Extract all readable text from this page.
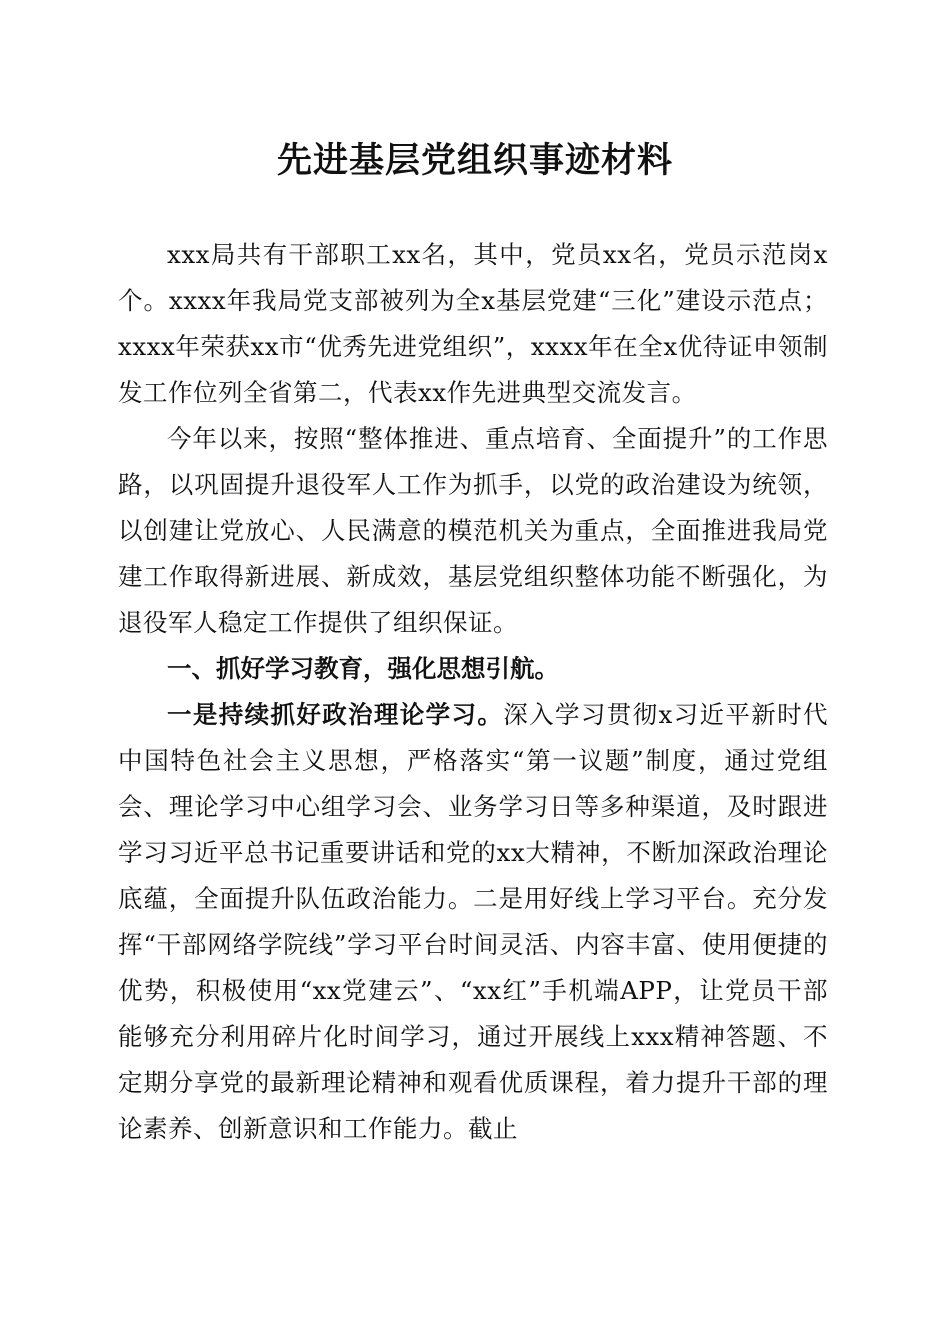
先进基层党组织事迹材料

xxx局共有干部职工xx名，其中，党员xx名，党员示范岗x个。xxxx年我局党支部被列为全x基层党建“三化”建设示范点；xxxx年荣获xx市“优秀先进党组织”，xxxx年在全x优待证申领制发工作位列全省第二，代表xx作先进典型交流发言。

今年以来，按照“整体推进、重点培育、全面提升”的工作思路，以巩固提升退役军人工作为抓手，以党的政治建设为统领，以创建让党放心、人民满意的模范机关为重点，全面推进我局党建工作取得新进展、新成效，基层党组织整体功能不断强化，为退役军人稳定工作提供了组织保证。

一、抓好学习教育，强化思想引航。

一是持续抓好政治理论学习。深入学习贯彻x习近平新时代中国特色社会主义思想，严格落实“第一议题”制度，通过党组会、理论学习中心组学习会、业务学习日等多种渠道，及时跟进学习习近平总书记重要讲话和党的xx大精神，不断加深政治理论底蕴，全面提升队伍政治能力。二是用好线上学习平台。充分发挥“干部网络学院线”学习平台时间灵活、内容丰富、使用便捷的优势，积极使用“xx党建云”、“xx红”手机端APP，让党员干部能够充分利用碎片化时间学习，通过开展线上xxx精神答题、不定期分享党的最新理论精神和观看优质课程，着力提升干部的理论素养、创新意识和工作能力。截止
